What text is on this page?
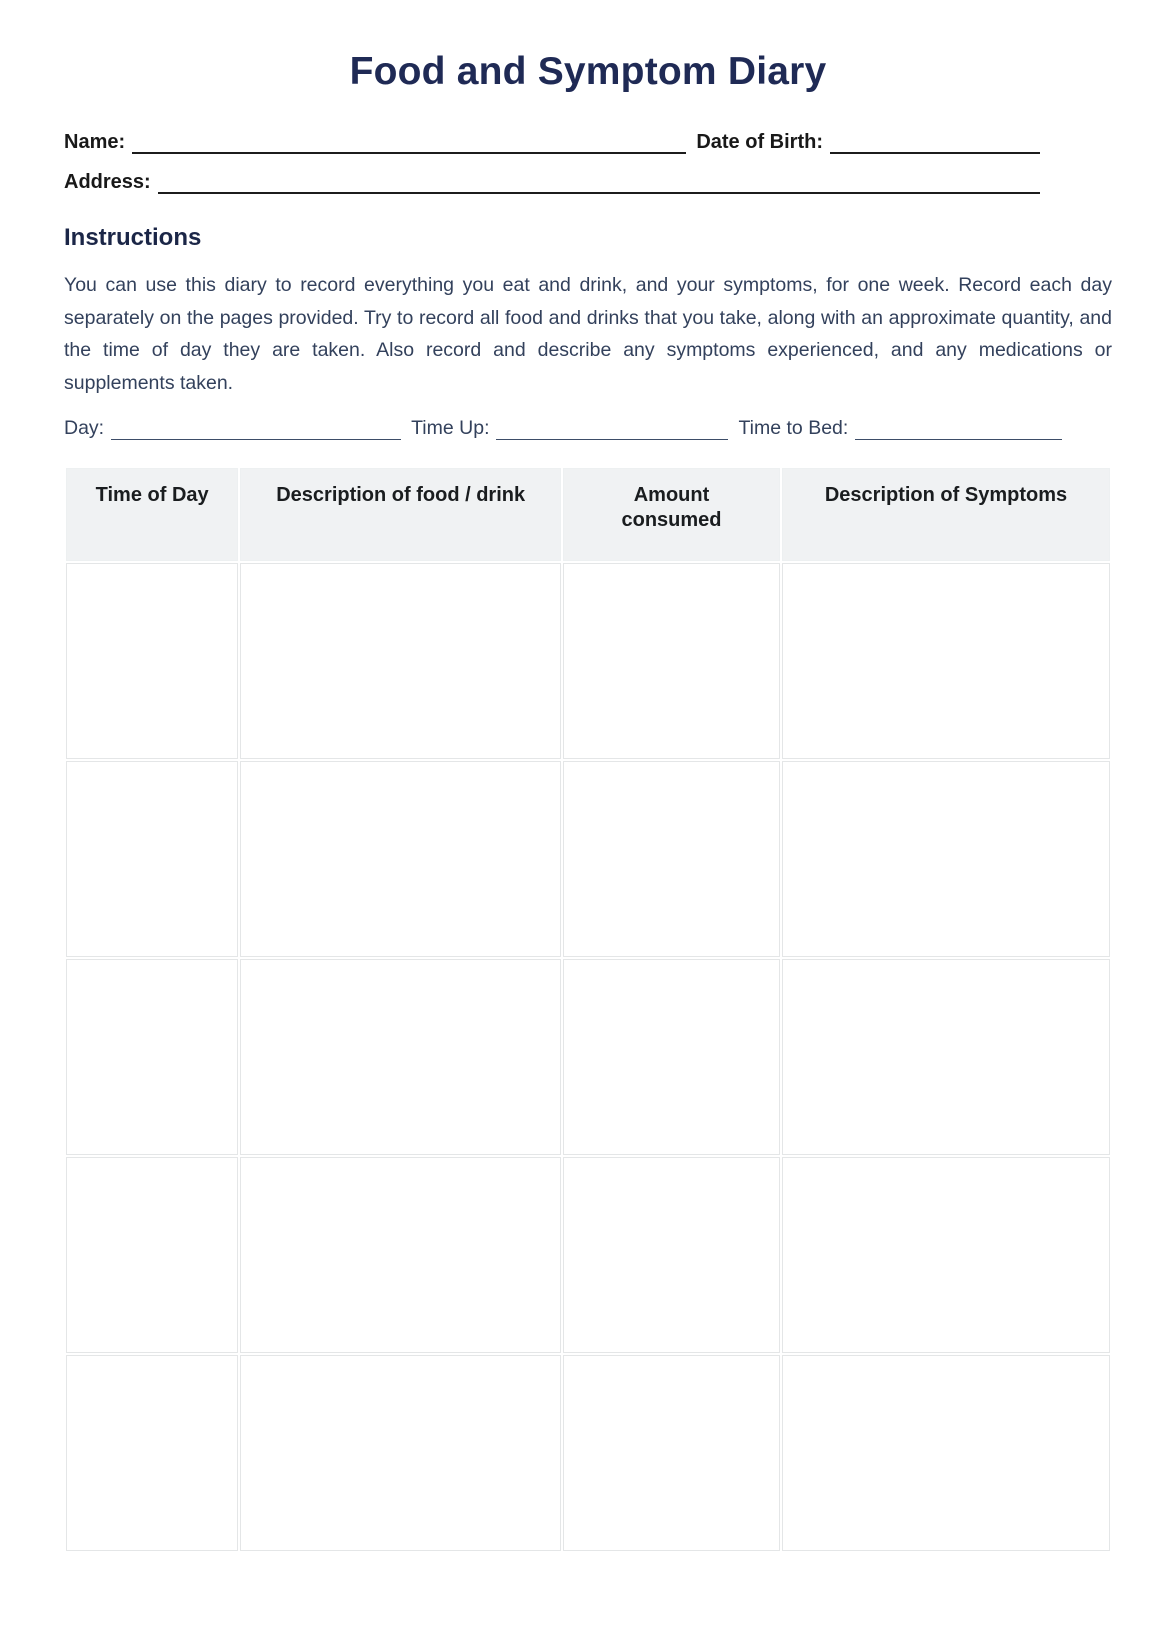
Food and Symptom Diary
Name:	Date of Birth:
Address:
Instructions

You can use this diary to record everything you eat and drink, and your symptoms, for one week. Record each day separately on the pages provided. Try to record all food and drinks that you take, along with an approximate quantity, and the time of day they are taken. Also record and describe any symptoms experienced, and any medications or supplements taken.

Day:	Time Up:	Time to Bed:
Time of Day	Description of food / drink	Amount consumed	Description of Symptoms
